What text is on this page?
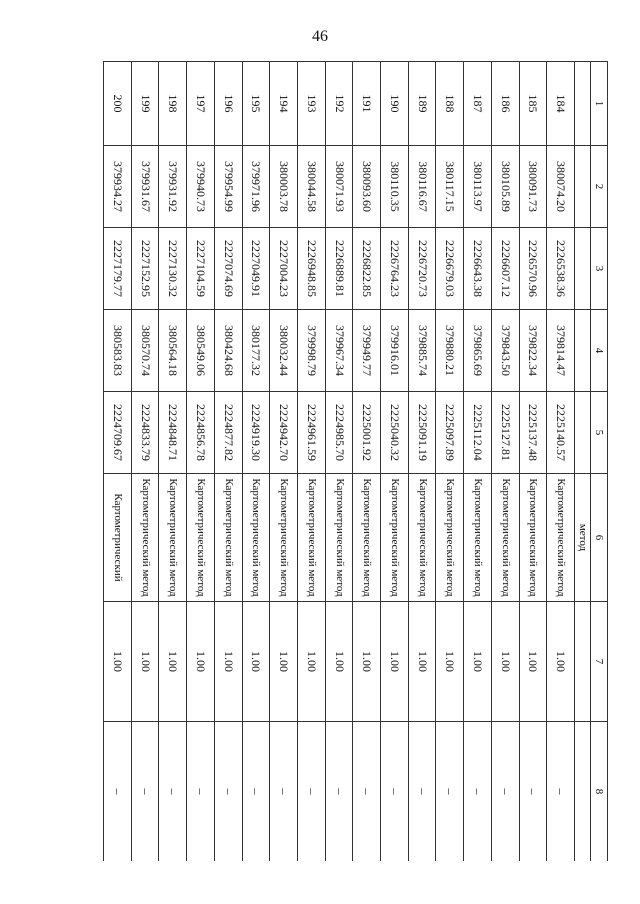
46
1	2	3	4	5	6	7	8
					метод		
184	380074.20	2226538.36	379814.47	2225140.57	Картометрический метод	1.00	–
185	380091.73	2226570.96	379822.34	2225137.48	Картометрический метод	1.00	–
186	380105.89	2226607.12	379843.50	2225127.81	Картометрический метод	1.00	–
187	380113.97	2226643.38	379865.69	2225112.04	Картометрический метод	1.00	–
188	380117.15	2226679.03	379880.21	2225097.89	Картометрический метод	1.00	–
189	380116.67	2226720.73	379885.74	2225091.19	Картометрический метод	1.00	–
190	380110.35	2226764.23	379916.01	2225040.32	Картометрический метод	1.00	–
191	380093.60	2226822.85	379949.77	2225001.92	Картометрический метод	1.00	–
192	380071.93	2226889.81	379967.34	2224985.70	Картометрический метод	1.00	–
193	380044.58	2226948.85	379998.79	2224961.59	Картометрический метод	1.00	–
194	380003.78	2227004.23	380032.44	2224942.70	Картометрический метод	1.00	–
195	379971.96	2227049.91	380177.32	2224919.30	Картометрический метод	1.00	–
196	379954.99	2227074.69	380424.68	2224877.82	Картометрический метод	1.00	–
197	379940.73	2227104.59	380549.06	2224856.78	Картометрический метод	1.00	–
198	379931.92	2227130.32	380564.18	2224848.71	Картометрический метод	1.00	–
199	379931.67	2227152.95	380570.74	2224833.79	Картометрический метод	1.00	–
200	379934.27	2227179.77	380583.83	2224709.67	Картометрический	1.00	–
